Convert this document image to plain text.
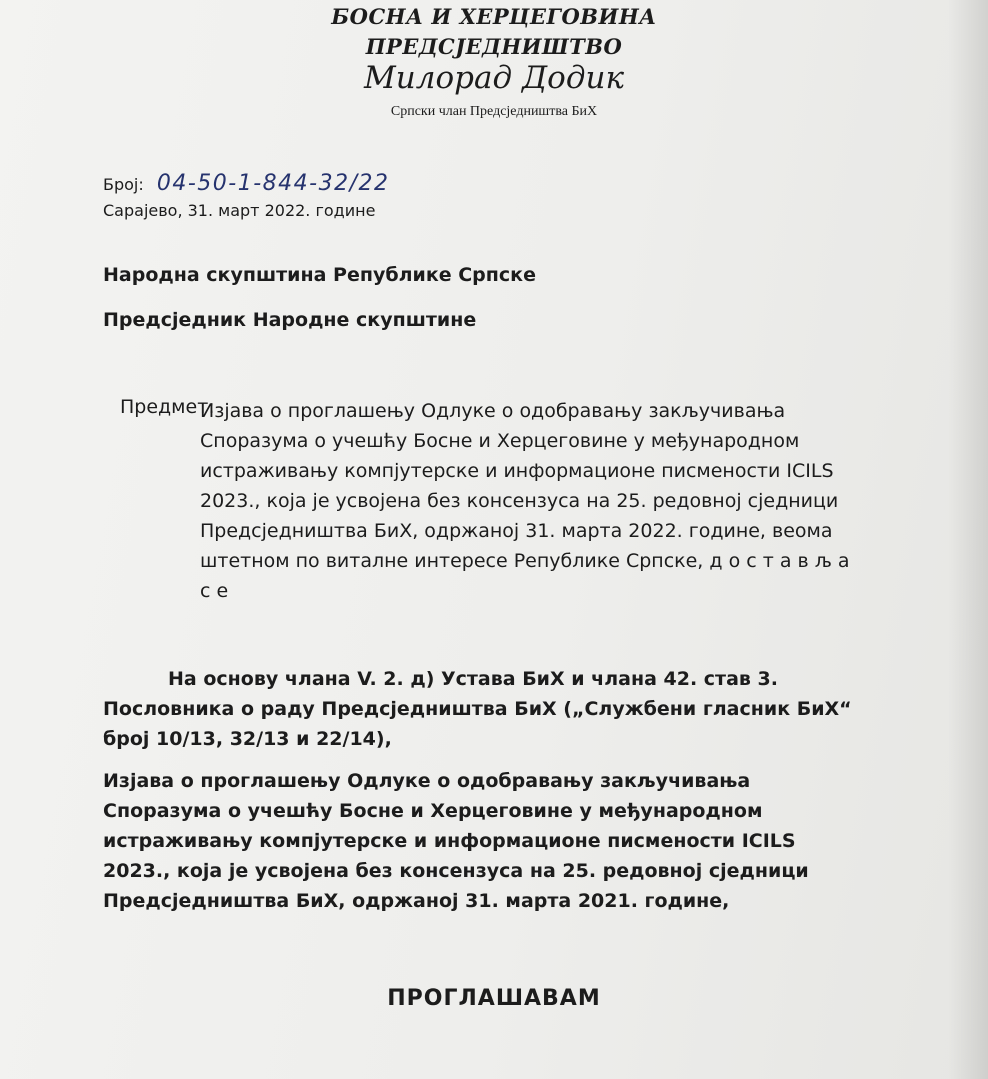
БОСНА И ХЕРЦЕГОВИНА
ПРЕДСЈЕДНИШТВО
Милорад Додик
Српски члан Предсједништва БиХ
Број: 04-50-1-844-32/22
Сарајево, 31. март 2022. године
Народна скупштина Републике Српске
Предсједник Народне скупштине
Предмет:
Изјава о проглашењу Одлуке о одобравању закључивања
Споразума о учешћу Босне и Херцеговине у међународном
истраживању компјутерске и информационе писмености ICILS
2023., која је усвојена без консензуса на 25. редовној сједници
Предсједништва БиХ, одржаној 31. марта 2022. године, веома
штетном по виталне интересе Републике Српске, д о с т а в љ а
с е
На основу члана V. 2. д) Устава БиХ и члана 42. став 3.
Пословника о раду Предсједништва БиХ („Службени гласник БиХ“
број 10/13, 32/13 и 22/14),
Изјава о проглашењу Одлуке о одобравању закључивања
Споразума о учешћу Босне и Херцеговине у међународном
истраживању компјутерске и информационе писмености ICILS
2023., која је усвојена без консензуса на 25. редовној сједници
Предсједништва БиХ, одржаној 31. марта 2021. године,
ПРОГЛАШАВАМ
